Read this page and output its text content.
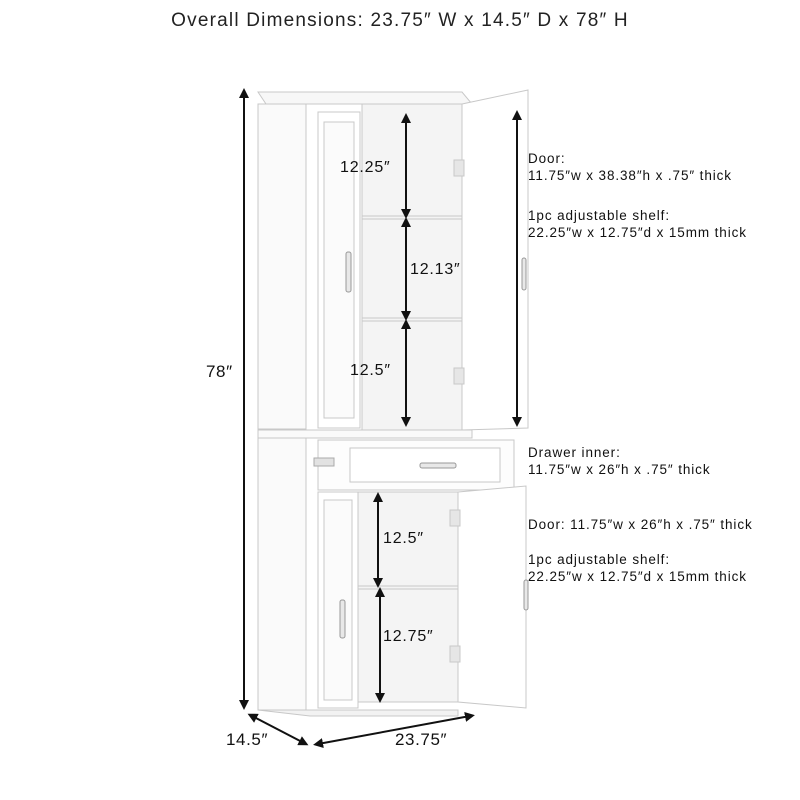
Overall Dimensions: 23.75″ W x 14.5″ D x 78″ H
78″
14.5″	23.75″
12.25″
12.13″
12.5″
12.5″
12.75″
Door:
11.75″w x 38.38″h x .75″ thick
1pc adjustable shelf:
22.25″w x 12.75″d x 15mm thick
Drawer inner:
11.75″w x 26″h x .75″ thick
Door: 11.75″w x 26″h x .75″ thick
1pc adjustable shelf:
22.25″w x 12.75″d x 15mm thick
